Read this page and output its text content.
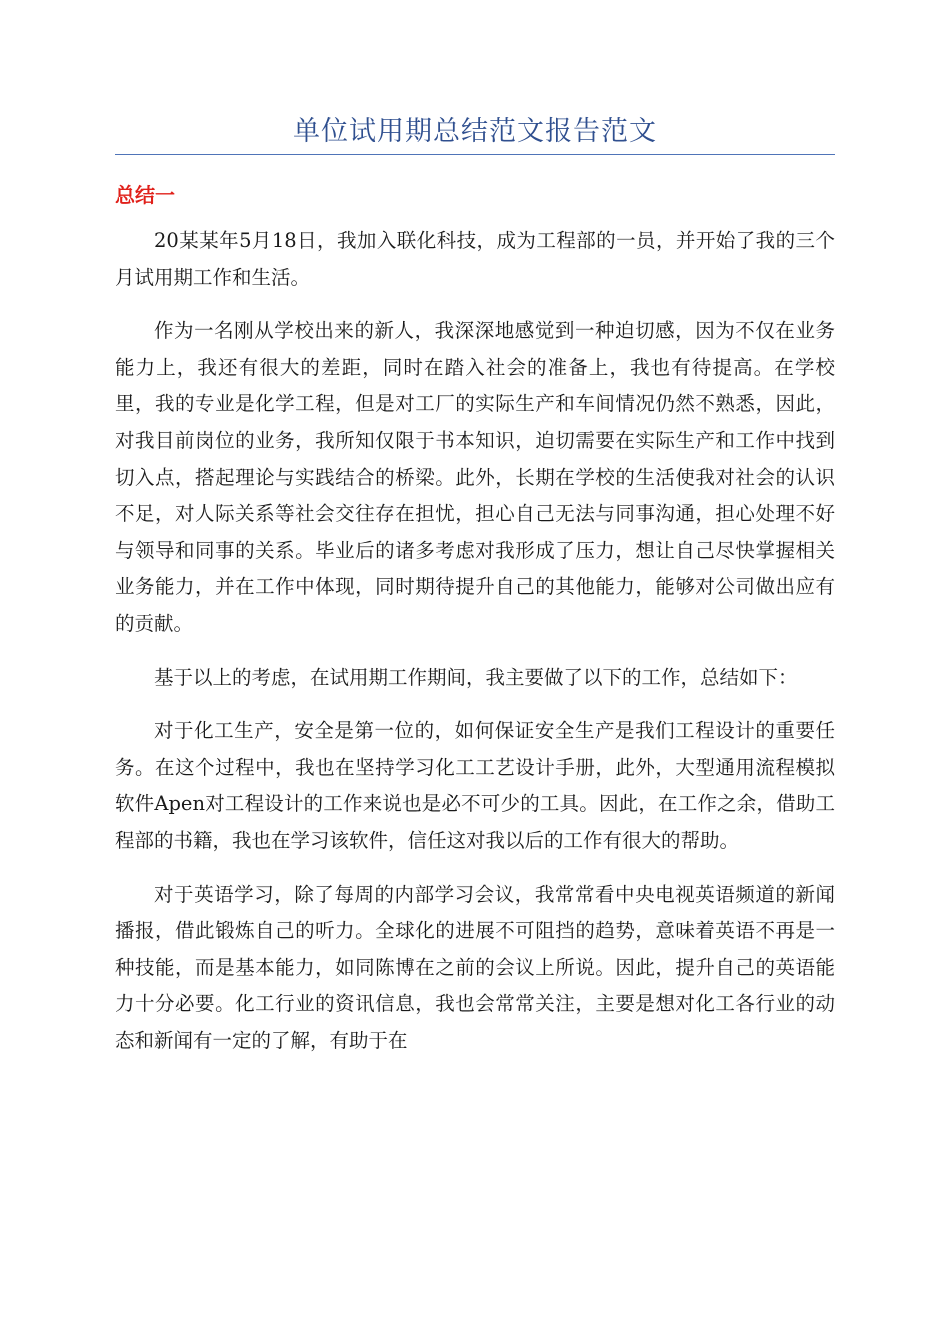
单位试用期总结范文报告范文
总结一

20某某年5月18日，我加入联化科技，成为工程部的一员，并开始了我的三个月试用期工作和生活。

作为一名刚从学校出来的新人，我深深地感觉到一种迫切感，因为不仅在业务能力上，我还有很大的差距，同时在踏入社会的准备上，我也有待提高。在学校里，我的专业是化学工程，但是对工厂的实际生产和车间情况仍然不熟悉，因此，对我目前岗位的业务，我所知仅限于书本知识，迫切需要在实际生产和工作中找到切入点，搭起理论与实践结合的桥梁。此外，长期在学校的生活使我对社会的认识不足，对人际关系等社会交往存在担忧，担心自己无法与同事沟通，担心处理不好与领导和同事的关系。毕业后的诸多考虑对我形成了压力，想让自己尽快掌握相关业务能力，并在工作中体现，同时期待提升自己的其他能力，能够对公司做出应有的贡献。

基于以上的考虑，在试用期工作期间，我主要做了以下的工作，总结如下：

对于化工生产，安全是第一位的，如何保证安全生产是我们工程设计的重要任务。在这个过程中，我也在坚持学习化工工艺设计手册，此外，大型通用流程模拟软件Apen对工程设计的工作来说也是必不可少的工具。因此，在工作之余，借助工程部的书籍，我也在学习该软件，信任这对我以后的工作有很大的帮助。

对于英语学习，除了每周的内部学习会议，我常常看中央电视英语频道的新闻播报，借此锻炼自己的听力。全球化的进展不可阻挡的趋势，意味着英语不再是一种技能，而是基本能力，如同陈博在之前的会议上所说。因此，提升自己的英语能力十分必要。化工行业的资讯信息，我也会常常关注，主要是想对化工各行业的动态和新闻有一定的了解，有助于在
